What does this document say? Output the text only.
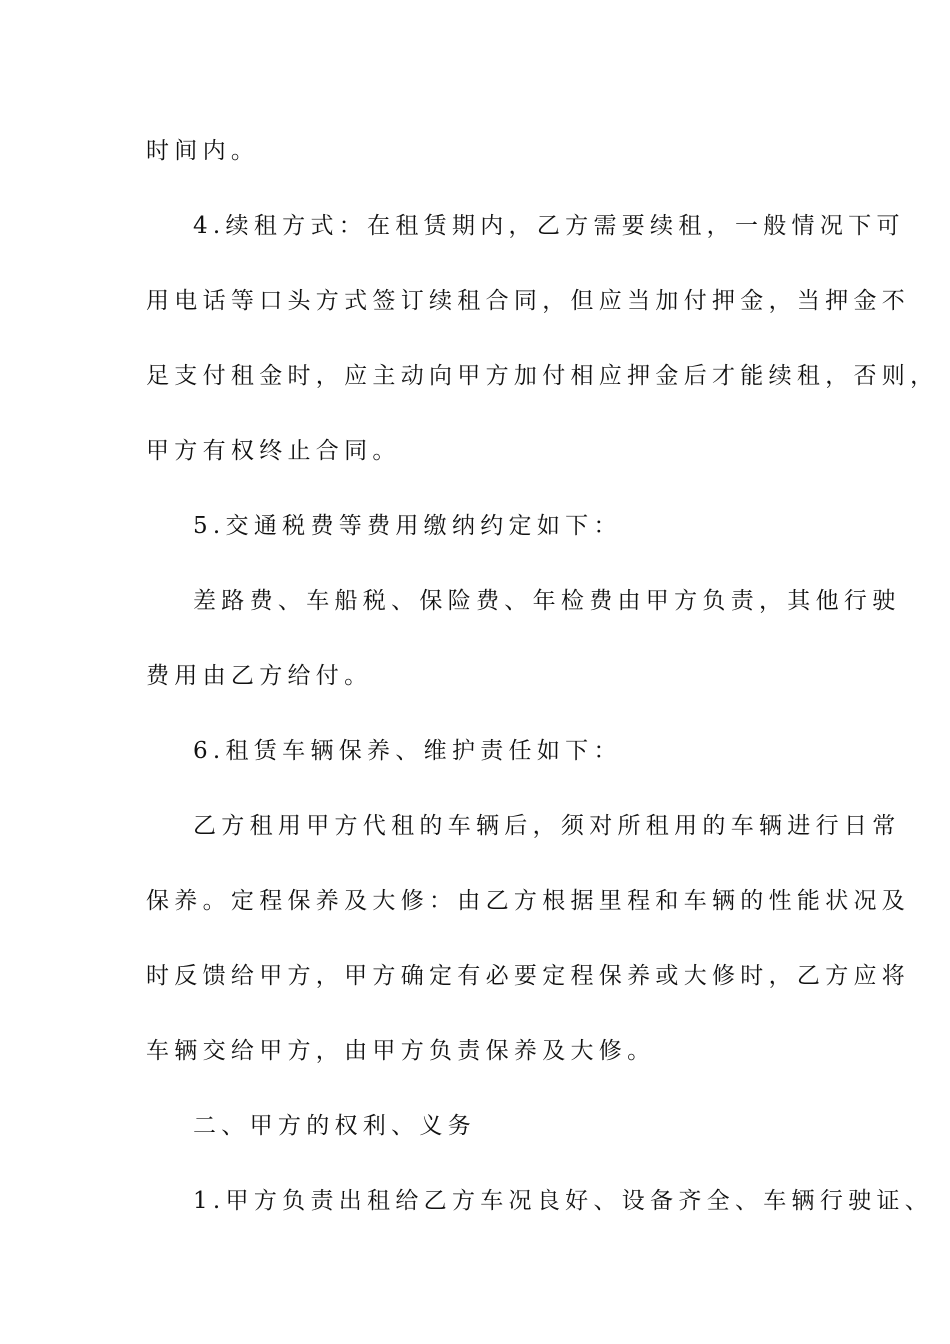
时间内。
4.续租方式：在租赁期内，乙方需要续租，一般情况下可
用电话等口头方式签订续租合同，但应当加付押金，当押金不
足支付租金时，应主动向甲方加付相应押金后才能续租，否则，
甲方有权终止合同。
5.交通税费等费用缴纳约定如下：
差路费、车船税、保险费、年检费由甲方负责，其他行驶
费用由乙方给付。
6.租赁车辆保养、维护责任如下：
乙方租用甲方代租的车辆后，须对所租用的车辆进行日常
保养。定程保养及大修：由乙方根据里程和车辆的性能状况及
时反馈给甲方，甲方确定有必要定程保养或大修时，乙方应将
车辆交给甲方，由甲方负责保养及大修。
二、甲方的权利、义务
1.甲方负责出租给乙方车况良好、设备齐全、车辆行驶证、
